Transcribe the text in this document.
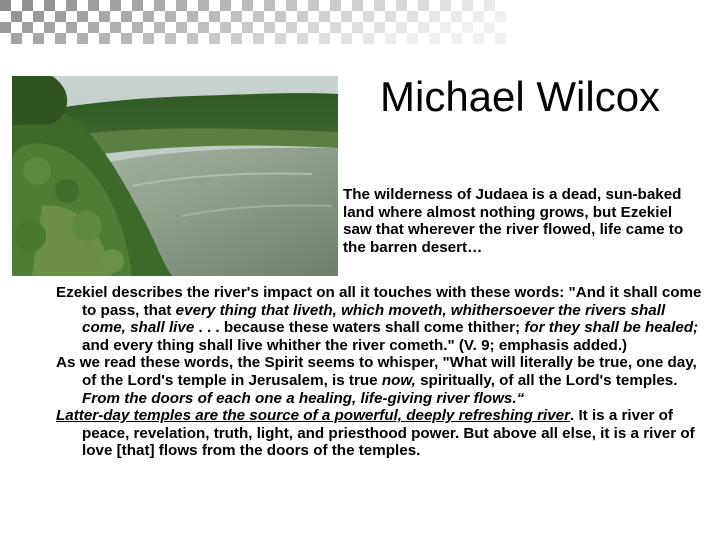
Michael Wilcox
The wilderness of Judaea is a dead, sun-baked land where almost nothing grows, but Ezekiel saw that wherever the river flowed, life came to the barren desert…

Ezekiel describes the river's impact on all it touches with these words: "And it shall come to pass, that every thing that liveth, which moveth, whithersoever the rivers shall come, shall live . . . because these waters shall come thither; for they shall be healed; and every thing shall live whither the river cometh." (V. 9; emphasis added.)

As we read these words, the Spirit seems to whisper, "What will literally be true, one day, of the Lord's temple in Jerusalem, is true now, spiritually, of all the Lord's temples. From the doors of each one a healing, life-giving river flows.“

Latter-day temples are the source of a powerful, deeply refreshing river. It is a river of peace, revelation, truth, light, and priesthood power. But above all else, it is a river of love [that] flows from the doors of the temples.
